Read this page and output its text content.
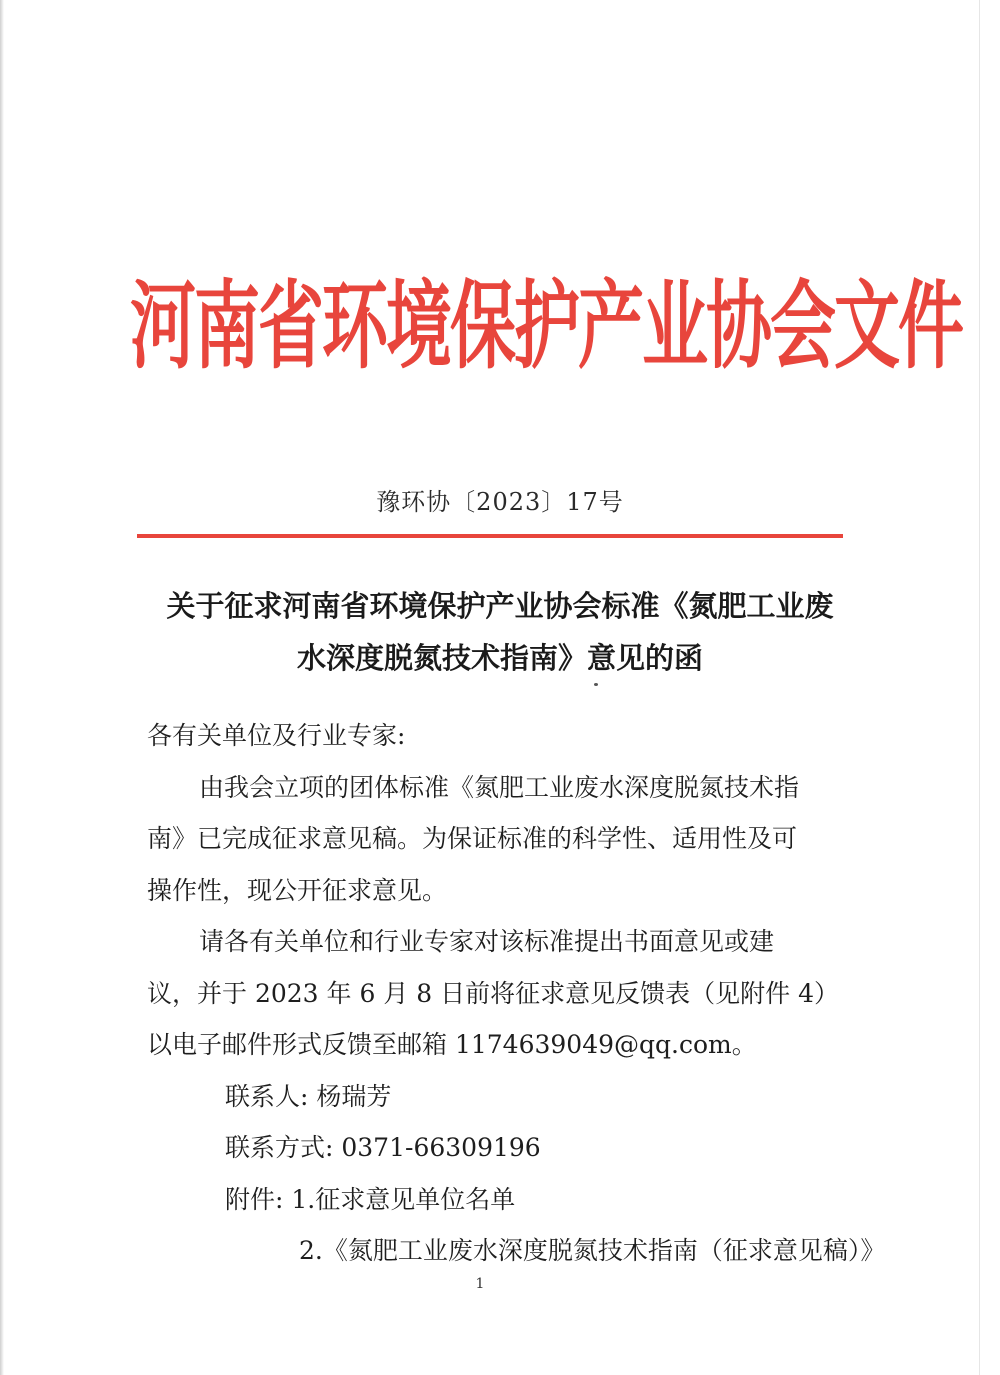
河南省环境保护产业协会文件
豫环协〔2023〕17号
关于征求河南省环境保护产业协会标准《氮肥工业废
水深度脱氮技术指南》意见的函

各有关单位及行业专家:

由我会立项的团体标准《氮肥工业废水深度脱氮技术指

南》已完成征求意见稿。为保证标准的科学性、适用性及可

操作性，现公开征求意见。

请各有关单位和行业专家对该标准提出书面意见或建

议，并于 2023 年 6 月 8 日前将征求意见反馈表（见附件 4）

以电子邮件形式反馈至邮箱 1174639049@qq.com。

联系人: 杨瑞芳

联系方式: 0371-66309196

附件: 1.征求意见单位名单

2.《氮肥工业废水深度脱氮技术指南（征求意见稿）》

1
